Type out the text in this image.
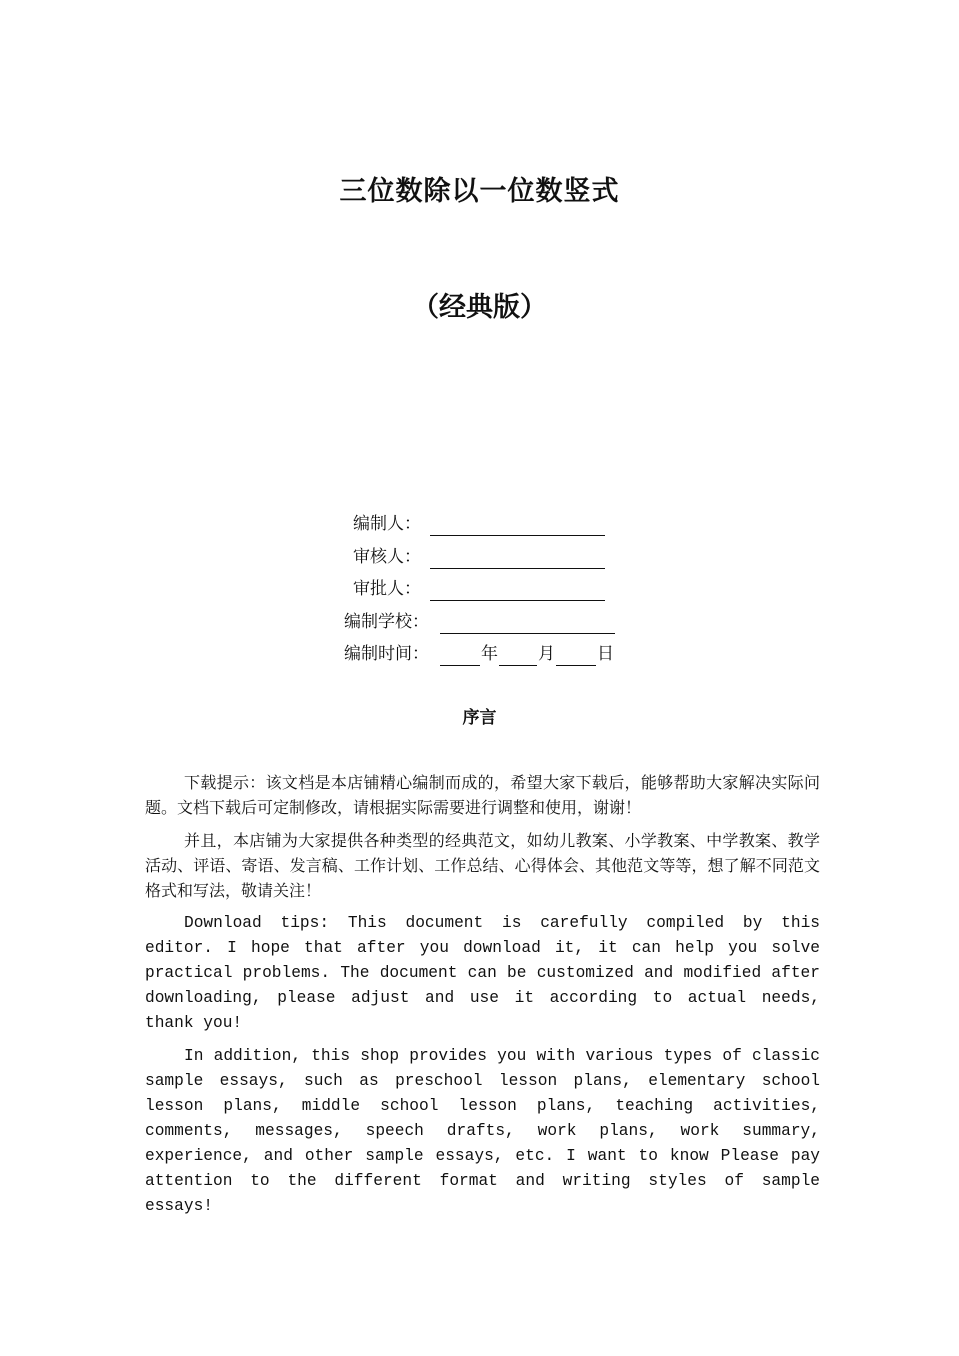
三位数除以一位数竖式
（经典版）
编制人：
审核人：
审批人：
编制学校：
编制时间：	年 月 日
序言

下载提示：该文档是本店铺精心编制而成的，希望大家下载后，能够帮助大家解决实际问题。文档下载后可定制修改，请根据实际需要进行调整和使用，谢谢！

并且，本店铺为大家提供各种类型的经典范文，如幼儿教案、小学教案、中学教案、教学活动、评语、寄语、发言稿、工作计划、工作总结、心得体会、其他范文等等，想了解不同范文格式和写法，敬请关注！

Download tips: This document is carefully compiled by this editor. I hope that after you download it, it can help you solve practical problems. The document can be customized and modified after downloading, please adjust and use it according to actual needs, thank you!

In addition, this shop provides you with various types of classic sample essays, such as preschool lesson plans, elementary school lesson plans, middle school lesson plans, teaching activities, comments, messages, speech drafts, work plans, work summary, experience, and other sample essays, etc. I want to know Please pay attention to the different format and writing styles of sample essays!
